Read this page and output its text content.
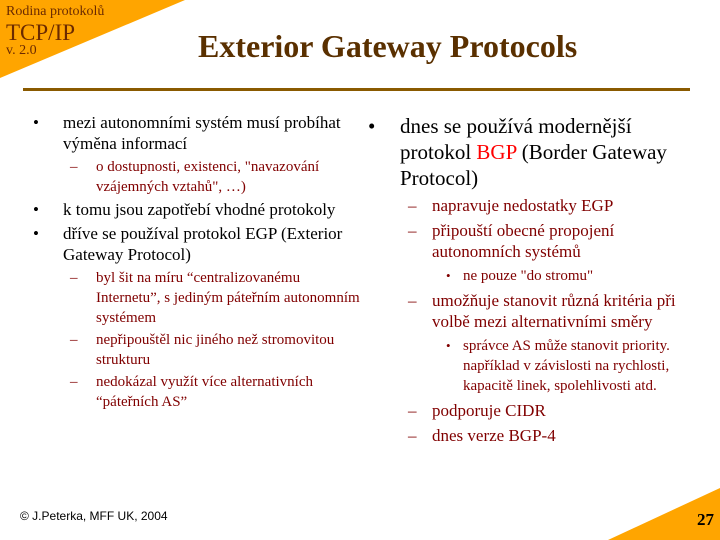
Rodina protokolů
TCP/IP
v. 2.0	Exterior Gateway Protocols
• mezi autonomními systém musí probíhat výměna informací
– o dostupnosti, existenci, "navazování vzájemných vztahů", …)
• k tomu jsou zapotřebí vhodné protokoly
• dříve se používal protokol EGP (Exterior Gateway Protocol)
– byl šit na míru “centralizovanému Internetu”, s jediným páteřním autonomním systémem
– nepřipouštěl nic jiného než stromovitou strukturu
– nedokázal využít více alternativních “páteřních AS”
• dnes se používá modernější protokol BGP (Border Gateway Protocol)
– napravuje nedostatky EGP
– připouští obecné propojení autonomních systémů
• ne pouze "do stromu"
– umožňuje stanovit různá kritéria při volbě mezi alternativními směry
• správce AS může stanovit priority. například v závislosti na rychlosti, kapacitě linek, spolehlivosti atd.
– podporuje CIDR
– dnes verze BGP-4
© J.Peterka, MFF UK, 2004	27
